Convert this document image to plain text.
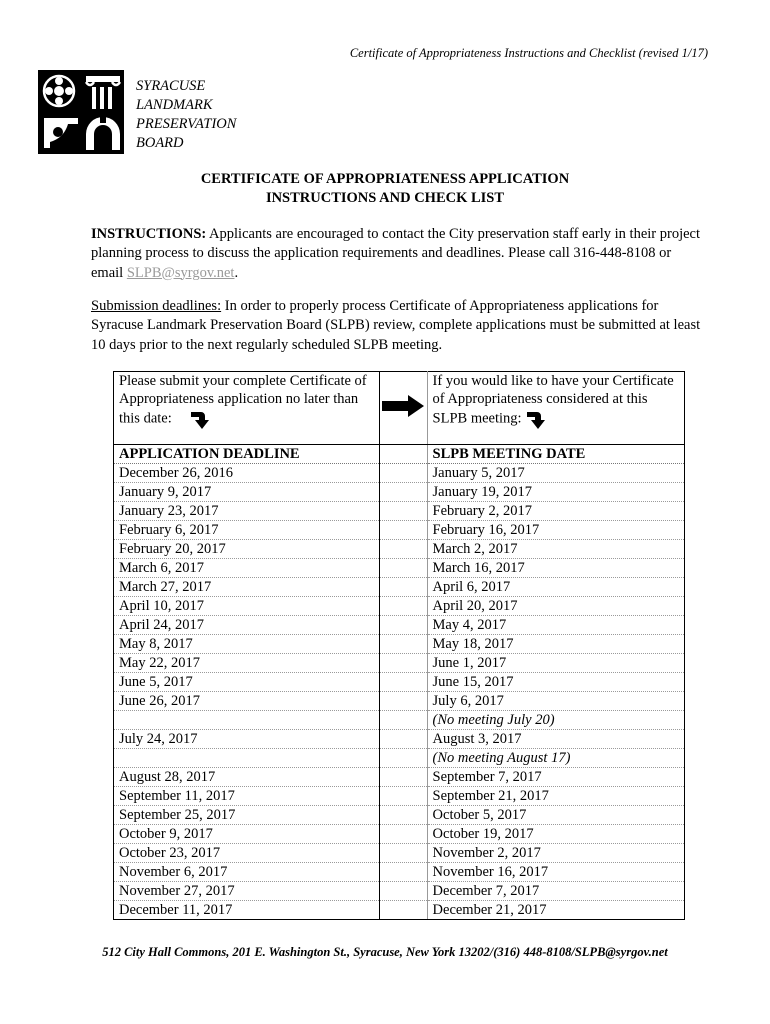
Certificate of Appropriateness Instructions and Checklist (revised 1/17)
SYRACUSE
LANDMARK
PRESERVATION
BOARD
CERTIFICATE OF APPROPRIATENESS APPLICATION
INSTRUCTIONS AND CHECK LIST
INSTRUCTIONS: Applicants are encouraged to contact the City preservation staff early in their project planning process to discuss the application requirements and deadlines. Please call 316-448-8108 or email SLPB@syrgov.net.
Submission deadlines: In order to properly process Certificate of Appropriateness applications for Syracuse Landmark Preservation Board (SLPB) review, complete applications must be submitted at least 10 days prior to the next regularly scheduled SLPB meeting.
Please submit your complete Certificate of Appropriateness application no later than this date:		If you would like to have your Certificate of Appropriateness considered at this SLPB meeting:
APPLICATION DEADLINE		SLPB MEETING DATE
December 26, 2016		January 5, 2017
January 9, 2017		January 19, 2017
January 23, 2017		February 2, 2017
February 6, 2017		February 16, 2017
February 20, 2017		March 2, 2017
March 6, 2017		March 16, 2017
March 27, 2017		April 6, 2017
April 10, 2017		April 20, 2017
April 24, 2017		May 4, 2017
May 8, 2017		May 18, 2017
May 22, 2017		June 1, 2017
June 5, 2017		June 15, 2017
June 26, 2017		July 6, 2017
		(No meeting July 20)
July 24, 2017		August 3, 2017
		(No meeting August 17)
August 28, 2017		September 7, 2017
September 11, 2017		September 21, 2017
September 25, 2017		October 5, 2017
October 9, 2017		October 19, 2017
October 23, 2017		November 2, 2017
November 6, 2017		November 16, 2017
November 27, 2017		December 7, 2017
December 11, 2017		December 21, 2017
512 City Hall Commons, 201 E. Washington St., Syracuse, New York 13202/(316) 448-8108/SLPB@syrgov.net
